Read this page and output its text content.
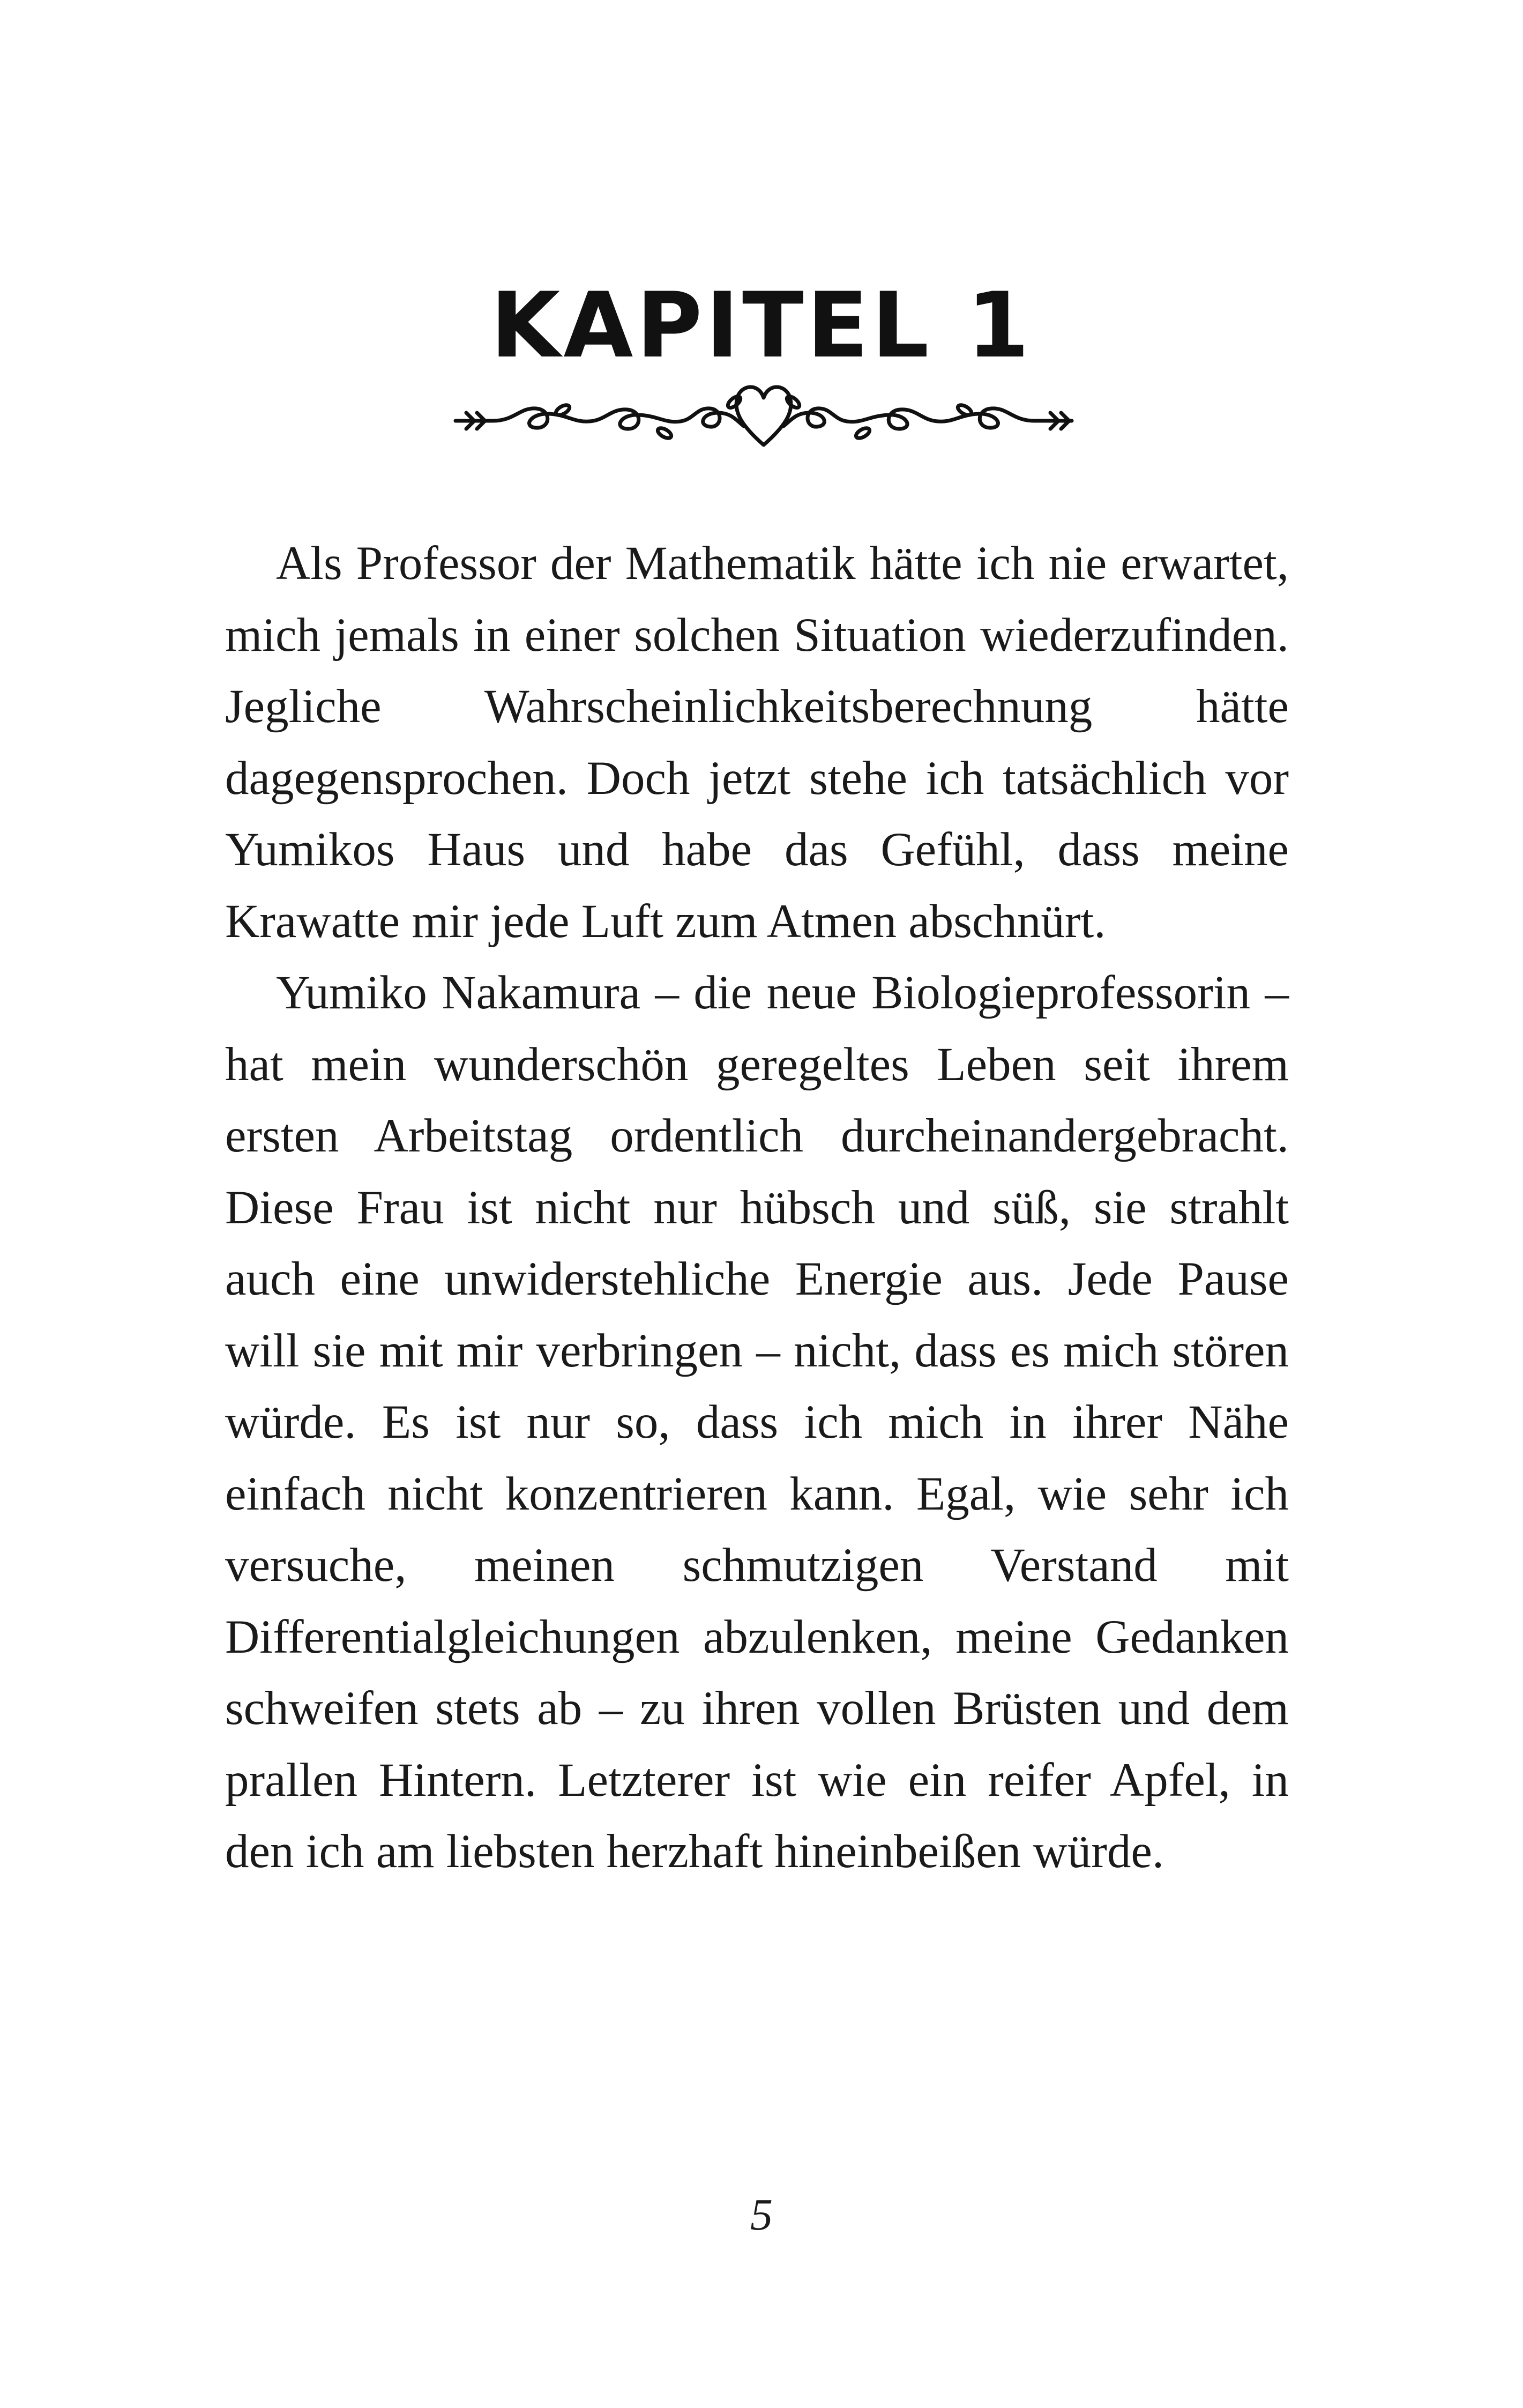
KAPITEL 1

Als Professor der Mathematik hätte ich nie erwartet, mich jemals in einer solchen Situation wiederzufinden. Jegliche Wahrscheinlichkeitsberechnung hätte dagegensprochen. Doch jetzt stehe ich tatsächlich vor Yumikos Haus und habe das Gefühl, dass meine Krawatte mir jede Luft zum Atmen abschnürt.

Yumiko Nakamura – die neue Biologieprofessorin – hat mein wunderschön geregeltes Leben seit ihrem ersten Arbeitstag ordentlich durcheinandergebracht. Diese Frau ist nicht nur hübsch und süß, sie strahlt auch eine unwiderstehliche Energie aus. Jede Pause will sie mit mir verbringen – nicht, dass es mich stören würde. Es ist nur so, dass ich mich in ihrer Nähe einfach nicht konzentrieren kann. Egal, wie sehr ich versuche, meinen schmutzigen Verstand mit Differentialgleichungen abzulenken, meine Gedanken schweifen stets ab – zu ihren vollen Brüsten und dem prallen Hintern. Letzterer ist wie ein reifer Apfel, in den ich am liebsten herzhaft hineinbeißen würde.

5
